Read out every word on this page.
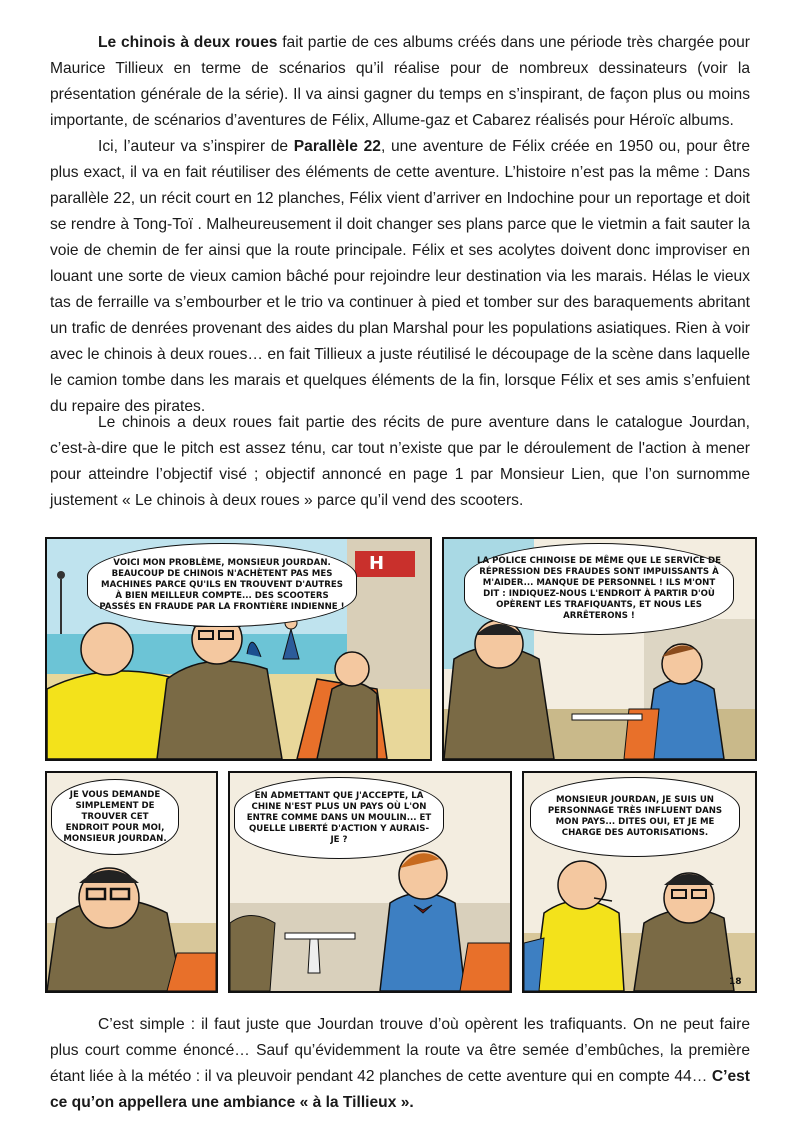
Le chinois à deux roues fait partie de ces albums créés dans une période très chargée pour Maurice Tillieux en terme de scénarios qu’il réalise pour de nombreux dessinateurs (voir la présentation générale de la série). Il va ainsi gagner du temps en s’inspirant, de façon plus ou moins importante, de scénarios d’aventures de Félix, Allume-gaz et Cabarez réalisés pour Héroïc albums.

Ici, l’auteur va s’inspirer de Parallèle 22, une aventure de Félix créée en 1950 ou, pour être plus exact, il va en fait réutiliser des éléments de cette aventure. L’histoire n’est pas la même : Dans parallèle 22, un récit court en 12 planches, Félix vient d’arriver en Indochine pour un reportage et doit se rendre à Tong-Toï . Malheureusement il doit changer ses plans parce que le vietmin a fait sauter la voie de chemin de fer ainsi que la route principale. Félix et ses acolytes doivent donc improviser en louant une sorte de vieux camion bâché pour rejoindre leur destination via les marais. Hélas le vieux tas de ferraille va s’embourber et le trio va continuer à pied et tomber sur des baraquements abritant un trafic de denrées provenant des aides du plan Marshal pour les populations asiatiques. Rien à voir avec le chinois à deux roues… en fait Tillieux a juste réutilisé le découpage de la scène dans laquelle le camion tombe dans les marais et quelques éléments de la fin, lorsque Félix et ses amis s’enfuient du repaire des pirates.

Le chinois a deux roues fait partie des récits de pure aventure dans le catalogue Jourdan, c’est-à-dire que le pitch est assez ténu, car tout n’existe que par le déroulement de l'action à mener pour atteindre l’objectif visé ; objectif annoncé en page 1 par Monsieur Lien, que l’on surnomme justement « Le chinois à deux roues » parce qu’il vend des scooters.

H
VOICI MON PROBLÈME, MONSIEUR JOURDAN. BEAUCOUP DE CHINOIS N'ACHÈTENT PAS MES MACHINES PARCE QU'ILS EN TROUVENT D'AUTRES À BIEN MEILLEUR COMPTE... DES SCOOTERS PASSÉS EN FRAUDE PAR LA FRONTIÈRE INDIENNE !
LA POLICE CHINOISE DE MÊME QUE LE SERVICE DE RÉPRESSION DES FRAUDES SONT IMPUISSANTS À M'AIDER... MANQUE DE PERSONNEL ! ILS M'ONT DIT : INDIQUEZ-NOUS L'ENDROIT À PARTIR D'OÙ OPÈRENT LES TRAFIQUANTS, ET NOUS LES ARRÊTERONS !
JE VOUS DEMANDE SIMPLEMENT DE TROUVER CET ENDROIT POUR MOI, MONSIEUR JOURDAN.
EN ADMETTANT QUE J'ACCEPTE, LA CHINE N'EST PLUS UN PAYS OÙ L'ON ENTRE COMME DANS UN MOULIN... ET QUELLE LIBERTÉ D'ACTION Y AURAIS-JE ?
MONSIEUR JOURDAN, JE SUIS UN PERSONNAGE TRÈS INFLUENT DANS MON PAYS... DITES OUI, ET JE ME CHARGE DES AUTORISATIONS.
18

C’est simple : il faut juste que Jourdan trouve d’où opèrent les trafiquants. On ne peut faire plus court comme énoncé… Sauf qu’évidemment la route va être semée d’embûches, la première étant liée à la météo : il va pleuvoir pendant 42 planches de cette aventure qui en compte 44… C’est ce qu’on appellera une ambiance « à la Tillieux ».
